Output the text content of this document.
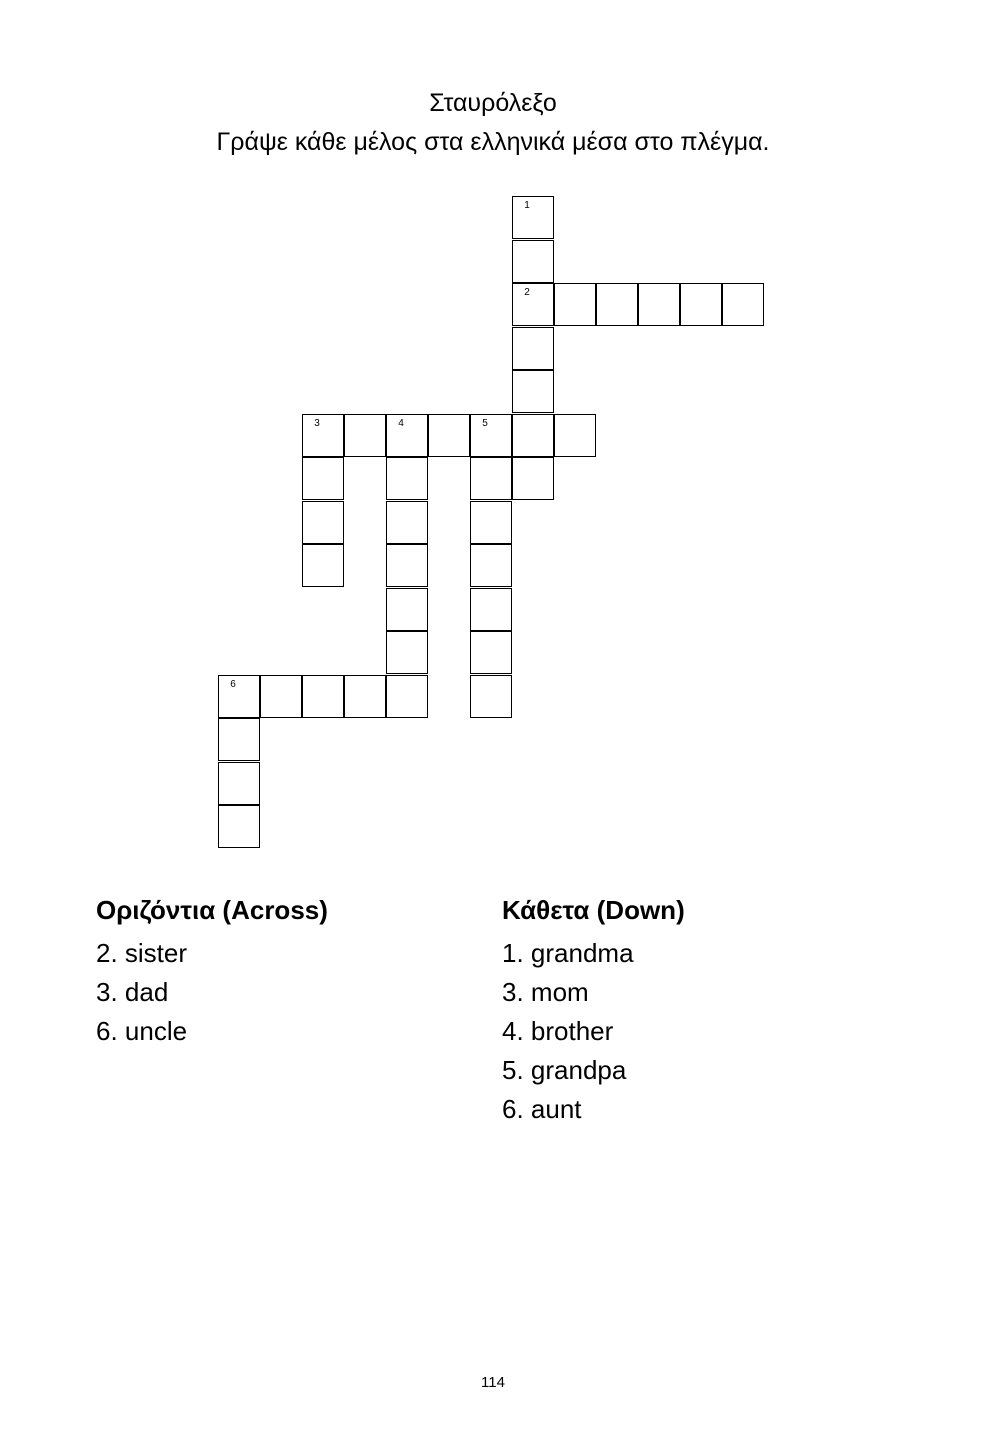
Σταυρόλεξο
Γράψε κάθε μέλος στα ελληνικά μέσα στο πλέγμα.
1
2
3	4	5
6
Οριζόντια (Across)
2. sister
3. dad
6. uncle
Κάθετα (Down)
1. grandma
3. mom
4. brother
5. grandpa
6. aunt
114
